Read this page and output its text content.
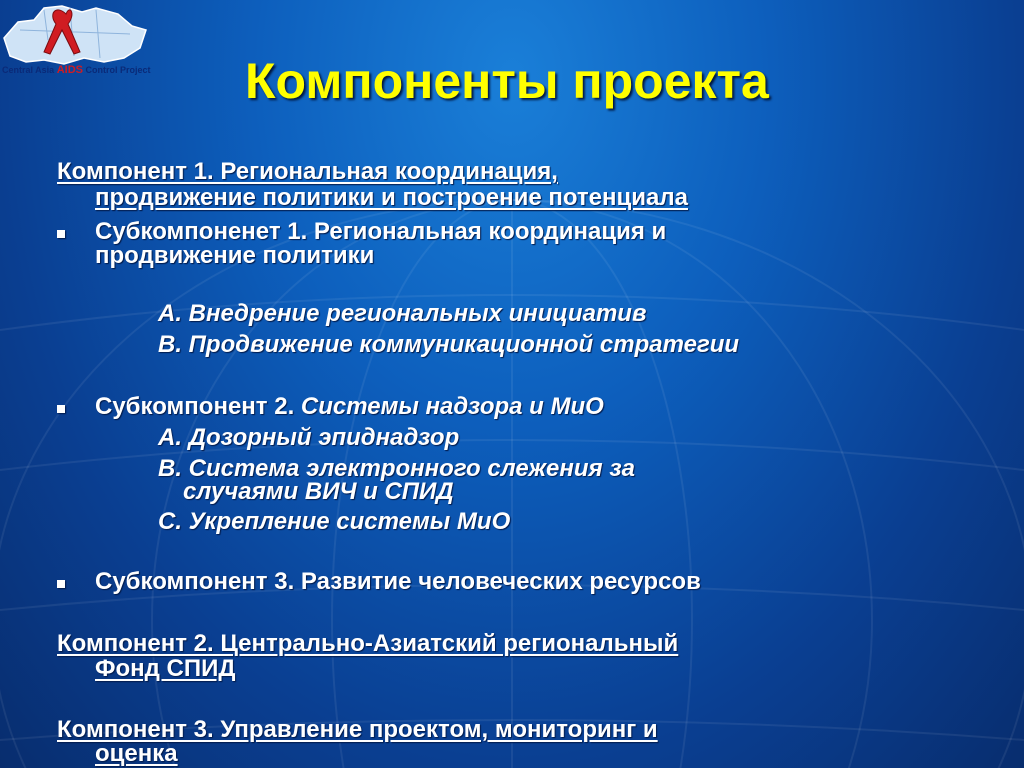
Central Asia AIDS Control Project Компоненты проекта
Компонент 1. Региональная координация,
продвижение политики и построение потенциала
Субкомпоненет 1. Региональная координация и
продвижение политики
А. Внедрение региональных инициатив
В. Продвижение коммуникационной стратегии
Субкомпонент 2. Системы надзора и МиО
А. Дозорный эпиднадзор
В. Система электронного слежения за
случаями ВИЧ и СПИД
С. Укрепление системы МиО
Субкомпонент 3. Развитие человеческих ресурсов
Компонент 2. Центрально-Азиатский региональный
Фонд СПИД
Компонент 3. Управление проектом, мониторинг и
оценка
